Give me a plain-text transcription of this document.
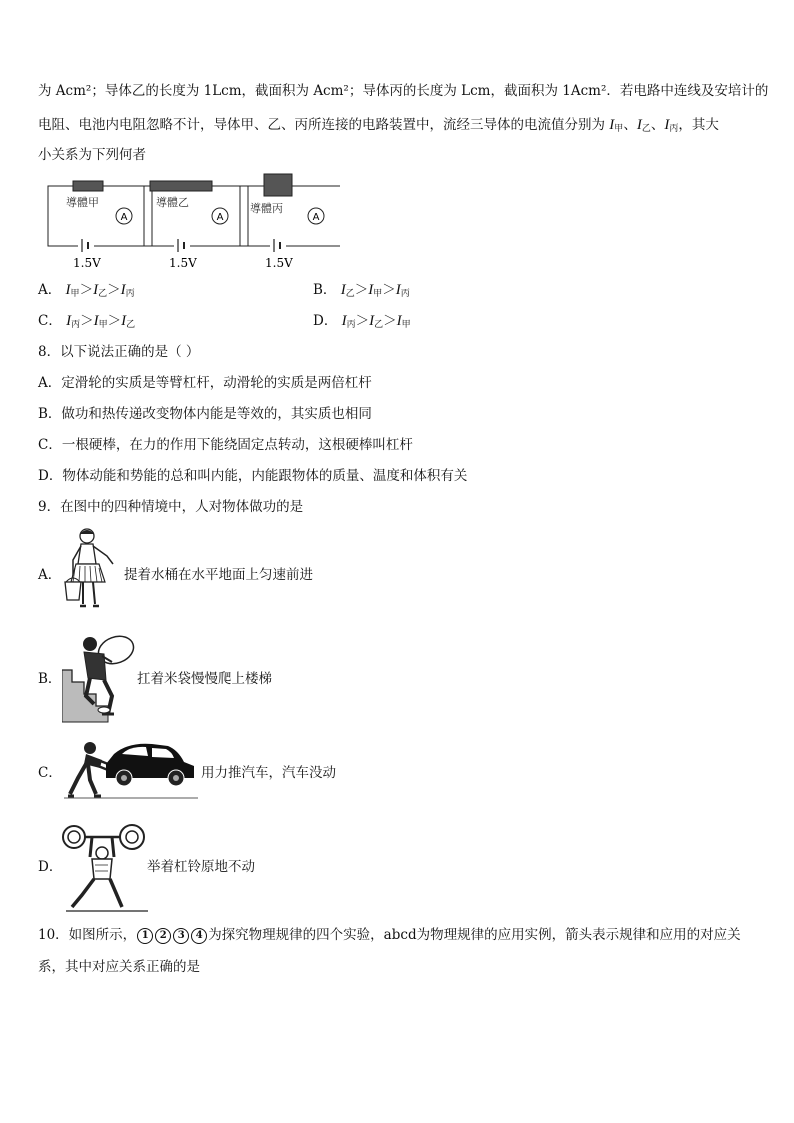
为 Acm²；导体乙的长度为 1Lcm，截面积为 Acm²；导体丙的长度为 Lcm，截面积为 1Acm²．若电路中连线及安培计的
电阻、电池内电阻忽略不计，导体甲、乙、丙所连接的电路装置中，流经三导体的电流值分别为 $I_甲$、$I_乙$、$I_丙$，其大
小关系为下列何者
A
導體甲
1.5V
A
導體乙
1.5V
A
導體丙
1.5V
A． $I_甲>I_乙>I_丙$	B． $I_乙>I_甲>I_丙$
C． $I_丙>I_甲>I_乙$	D． $I_丙>I_乙>I_甲$
8．以下说法正确的是（ ）
A．定滑轮的实质是等臂杠杆，动滑轮的实质是两倍杠杆
B．做功和热传递改变物体内能是等效的，其实质也相同
C．一根硬棒，在力的作用下能绕固定点转动，这根硬棒叫杠杆
D．物体动能和势能的总和叫内能，内能跟物体的质量、温度和体积有关
9．在图中的四种情境中，人对物体做功的是
A．	提着水桶在水平地面上匀速前进
B．	扛着米袋慢慢爬上楼梯
C．	用力推汽车，汽车没动
D．	举着杠铃原地不动
10．如图所示， 1 2 3 4 为探究物理规律的四个实验，abcd为物理规律的应用实例，箭头表示规律和应用的对应关
系，其中对应关系正确的是
